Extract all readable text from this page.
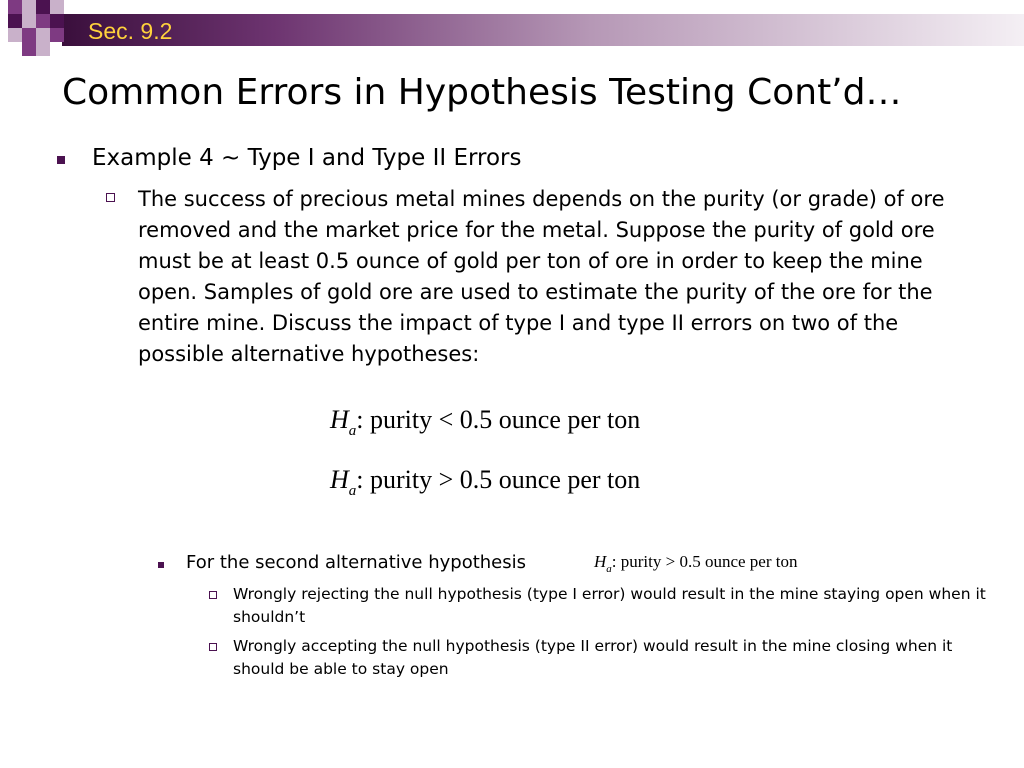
Sec. 9.2
Common Errors in Hypothesis Testing Cont’d…
Example 4 ~ Type I and Type II Errors
The success of precious metal mines depends on the purity (or grade) of ore removed and the market price for the metal. Suppose the purity of gold ore must be at least 0.5 ounce of gold per ton of ore in order to keep the mine open. Samples of gold ore are used to estimate the purity of the ore for the entire mine. Discuss the impact of type I and type II errors on two of the possible alternative hypotheses:
$H_a$: purity < 0.5 ounce per ton
$H_a$: purity > 0.5 ounce per ton
For the second alternative hypothesis	$H_a$: purity > 0.5 ounce per ton
Wrongly rejecting the null hypothesis (type I error) would result in the mine staying open when it shouldn’t
Wrongly accepting the null hypothesis (type II error) would result in the mine closing when it should be able to stay open
